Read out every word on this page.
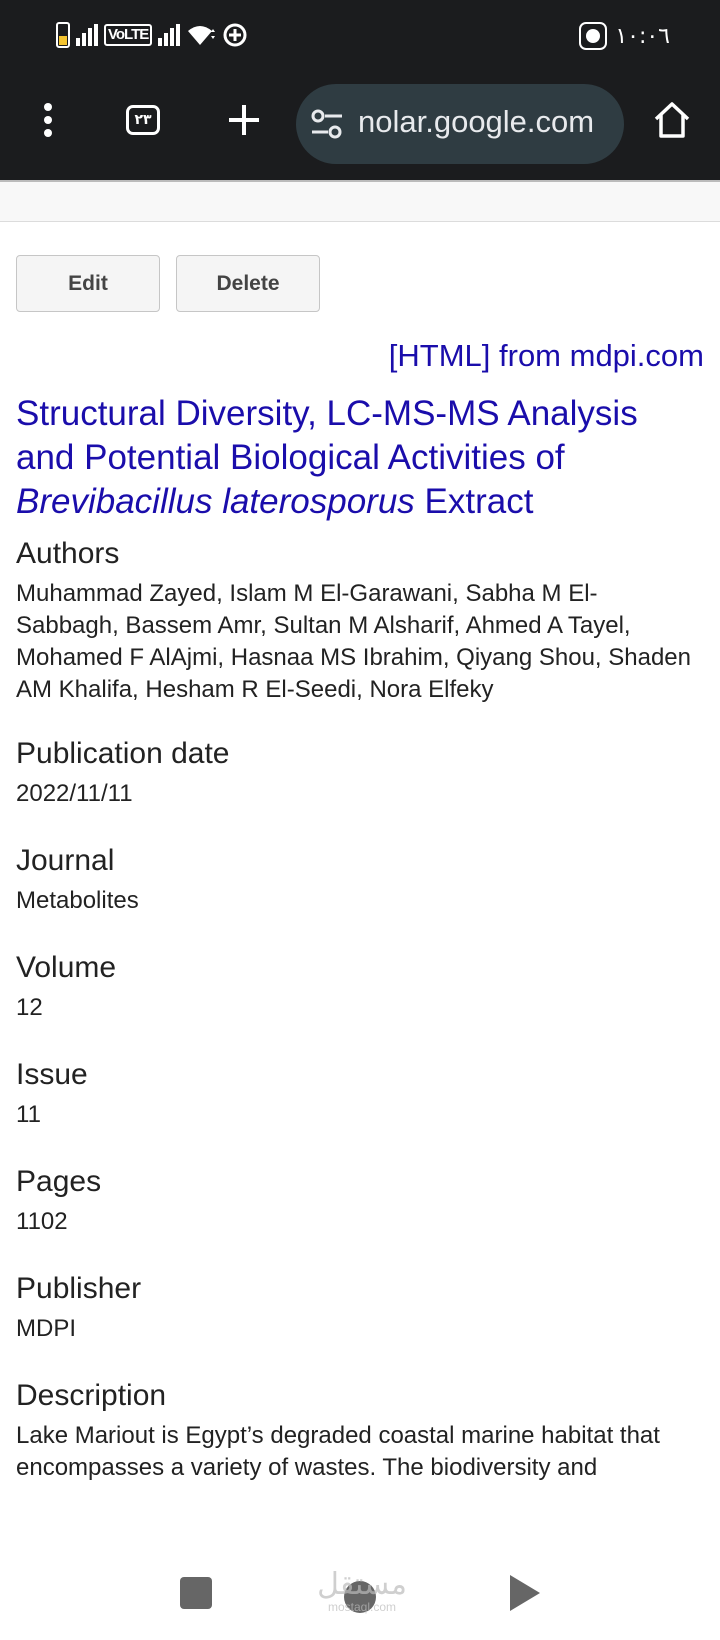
VoLTE	١٠:٠٦
٢٣	nolar.google.com
Edit	Delete
[HTML] from mdpi.com
Structural Diversity, LC-MS-MS Analysis and Potential Biological Activities of Brevibacillus laterosporus Extract
Authors
Muhammad Zayed, Islam M El-Garawani, Sabha M El-Sabbagh, Bassem Amr, Sultan M Alsharif, Ahmed A Tayel, Mohamed F AlAjmi, Hasnaa MS Ibrahim, Qiyang Shou, Shaden AM Khalifa, Hesham R El-Seedi, Nora Elfeky
Publication date
2022/11/11
Journal
Metabolites
Volume
12
Issue
11
Pages
1102
Publisher
MDPI
Description
Lake Mariout is Egypt’s degraded coastal marine habitat that encompasses a variety of wastes. The biodiversity and
مستقل
mostaql.com
